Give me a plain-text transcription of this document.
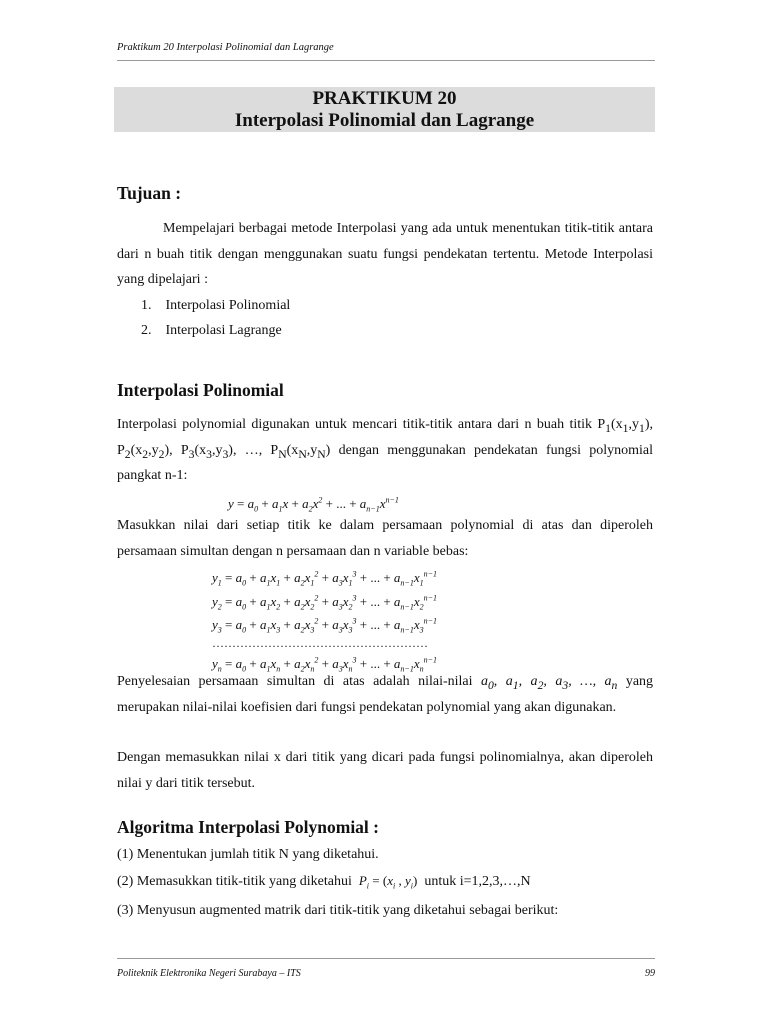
Praktikum 20 Interpolasi Polinomial dan Lagrange
PRAKTIKUM 20
Interpolasi Polinomial dan Lagrange
Tujuan :
Mempelajari berbagai metode Interpolasi yang ada untuk menentukan titik-titik antara dari n buah titik dengan menggunakan suatu fungsi pendekatan tertentu. Metode Interpolasi yang dipelajari :
1. Interpolasi Polinomial
2. Interpolasi Lagrange
Interpolasi Polinomial
Interpolasi polynomial digunakan untuk mencari titik-titik antara dari n buah titik $P_1(x_1,y_1)$, $P_2(x_2,y_2)$, $P_3(x_3,y_3)$, …, $P_N(x_N,y_N)$ dengan menggunakan pendekatan fungsi polynomial pangkat n-1:
$y = a_0 + a_1x + a_2x^2$ + ... + $a_{n-1}x^{n-1}$
Masukkan nilai dari setiap titik ke dalam persamaan polynomial di atas dan diperoleh persamaan simultan dengan n persamaan dan n variable bebas:
$y_1 = a_0 + a_1x_1 + a_2x_1^2 + a_3x_1^3$ + ... + $a_{n-1}x_1^{n-1}$
$y_2 = a_0 + a_1x_2 + a_2x_2^2 + a_3x_2^3$ + ... + $a_{n-1}x_2^{n-1}$
$y_3 = a_0 + a_1x_3 + a_2x_3^2 + a_3x_3^3$ + ... + $a_{n-1}x_3^{n-1}$
………………………………………………
$y_n = a_0 + a_1x_n + a_2x_n^2 + a_3x_n^3$ + ... + $a_{n-1}x_n^{n-1}$
Penyelesaian persamaan simultan di atas adalah nilai-nilai $a_0$, $a_1$, $a_2$, $a_3$, …, $a_n$ yang merupakan nilai-nilai koefisien dari fungsi pendekatan polynomial yang akan digunakan.
Dengan memasukkan nilai x dari titik yang dicari pada fungsi polinomialnya, akan diperoleh nilai y dari titik tersebut.
Algoritma Interpolasi Polynomial :
(1) Menentukan jumlah titik N yang diketahui.
(2) Memasukkan titik-titik yang diketahui $P_i = (x_i$ , $y_i$) untuk i=1,2,3,…,N
(3) Menyusun augmented matrik dari titik-titik yang diketahui sebagai berikut:
Politeknik Elektronika Negeri Surabaya – ITS	99
